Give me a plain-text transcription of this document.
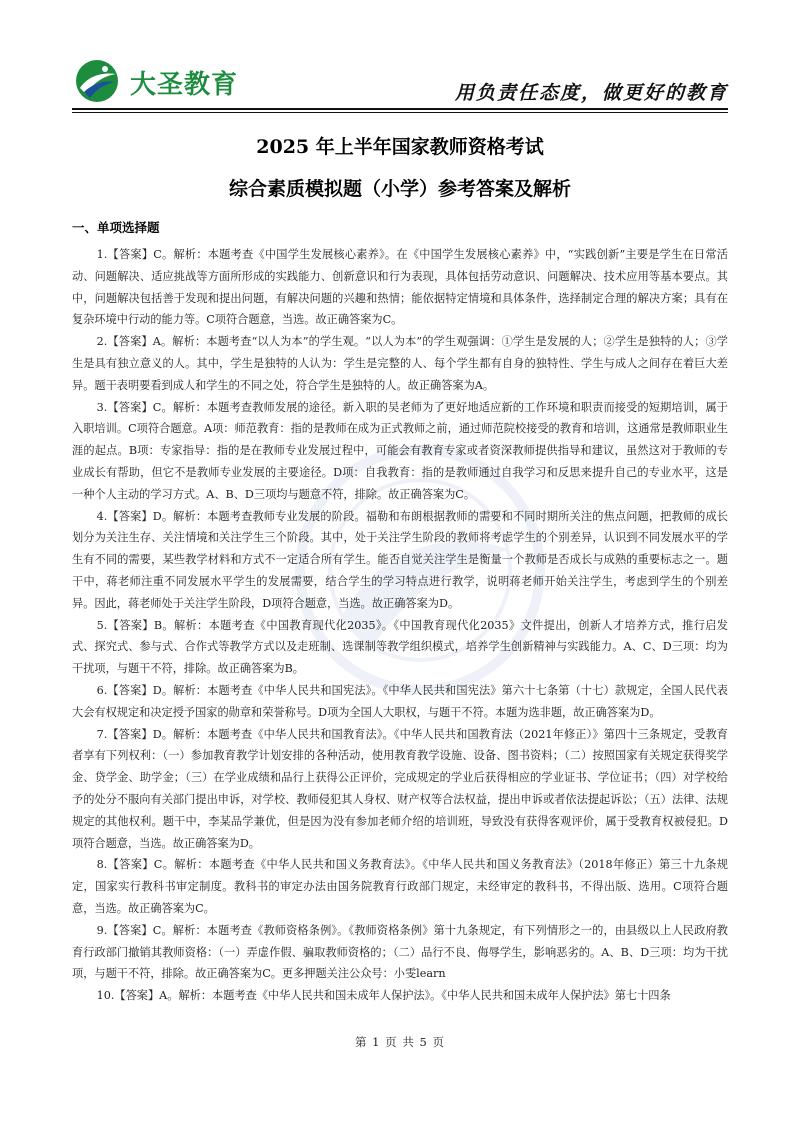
大圣教育	用负责任态度，做更好的教育
2025 年上半年国家教师资格考试
综合素质模拟题（小学）参考答案及解析
一、单项选择题

1.【答案】C。解析：本题考查《中国学生发展核心素养》。在《中国学生发展核心素养》中，“实践创新”主要是学生在日常活动、问题解决、适应挑战等方面所形成的实践能力、创新意识和行为表现，具体包括劳动意识、问题解决、技术应用等基本要点。其中，问题解决包括善于发现和提出问题，有解决问题的兴趣和热情；能依据特定情境和具体条件，选择制定合理的解决方案；具有在复杂环境中行动的能力等。C项符合题意，当选。故正确答案为C。

2.【答案】A。解析：本题考查“以人为本”的学生观。“以人为本”的学生观强调：①学生是发展的人；②学生是独特的人；③学生是具有独立意义的人。其中，学生是独特的人认为：学生是完整的人、每个学生都有自身的独特性、学生与成人之间存在着巨大差异。题干表明要看到成人和学生的不同之处，符合学生是独特的人。故正确答案为A。

3.【答案】C。解析：本题考查教师发展的途径。新入职的吴老师为了更好地适应新的工作环境和职责而接受的短期培训，属于入职培训。C项符合题意。A项：师范教育：指的是教师在成为正式教师之前，通过师范院校接受的教育和培训，这通常是教师职业生涯的起点。B项：专家指导：指的是在教师专业发展过程中，可能会有教育专家或者资深教师提供指导和建议，虽然这对于教师的专业成长有帮助，但它不是教师专业发展的主要途径。D项：自我教育：指的是教师通过自我学习和反思来提升自己的专业水平，这是一种个人主动的学习方式。A、B、D三项均与题意不符，排除。故正确答案为C。

4.【答案】D。解析：本题考查教师专业发展的阶段。福勒和布朗根据教师的需要和不同时期所关注的焦点问题，把教师的成长划分为关注生存、关注情境和关注学生三个阶段。其中，处于关注学生阶段的教师将考虑学生的个别差异，认识到不同发展水平的学生有不同的需要，某些教学材料和方式不一定适合所有学生。能否自觉关注学生是衡量一个教师是否成长与成熟的重要标志之一。题干中，蒋老师注重不同发展水平学生的发展需要，结合学生的学习特点进行教学，说明蒋老师开始关注学生，考虑到学生的个别差异。因此，蒋老师处于关注学生阶段，D项符合题意，当选。故正确答案为D。

5.【答案】B。解析：本题考查《中国教育现代化2035》。《中国教育现代化2035》文件提出，创新人才培养方式，推行启发式、探究式、参与式、合作式等教学方式以及走班制、选课制等教学组织模式，培养学生创新精神与实践能力。A、C、D三项：均为干扰项，与题干不符，排除。故正确答案为B。

6.【答案】D。解析：本题考查《中华人民共和国宪法》。《中华人民共和国宪法》第六十七条第（十七）款规定，全国人民代表大会有权规定和决定授予国家的勋章和荣誉称号。D项为全国人大职权，与题干不符。本题为选非题，故正确答案为D。

7.【答案】D。解析：本题考查《中华人民共和国教育法》。《中华人民共和国教育法（2021年修正）》第四十三条规定，受教育者享有下列权利：（一）参加教育教学计划安排的各种活动，使用教育教学设施、设备、图书资料；（二）按照国家有关规定获得奖学金、贷学金、助学金；（三）在学业成绩和品行上获得公正评价，完成规定的学业后获得相应的学业证书、学位证书；（四）对学校给予的处分不服向有关部门提出申诉，对学校、教师侵犯其人身权、财产权等合法权益，提出申诉或者依法提起诉讼；（五）法律、法规规定的其他权利。题干中，李某品学兼优，但是因为没有参加老师介绍的培训班，导致没有获得客观评价，属于受教育权被侵犯。D项符合题意，当选。故正确答案为D。

8.【答案】C。解析：本题考查《中华人民共和国义务教育法》。《中华人民共和国义务教育法》（2018年修正）第三十九条规定，国家实行教科书审定制度。教科书的审定办法由国务院教育行政部门规定，未经审定的教科书，不得出版、选用。C项符合题意，当选。故正确答案为C。

9.【答案】C。解析：本题考查《教师资格条例》。《教师资格条例》第十九条规定，有下列情形之一的，由县级以上人民政府教育行政部门撤销其教师资格：（一）弄虚作假、骗取教师资格的；（二）品行不良、侮辱学生，影响恶劣的。A、B、D三项：均为干扰项，与题干不符，排除。故正确答案为C。更多押题关注公众号：小雯learn

10.【答案】A。解析：本题考查《中华人民共和国未成年人保护法》。《中华人民共和国未成年人保护法》第七十四条

第 1 页 共 5 页
